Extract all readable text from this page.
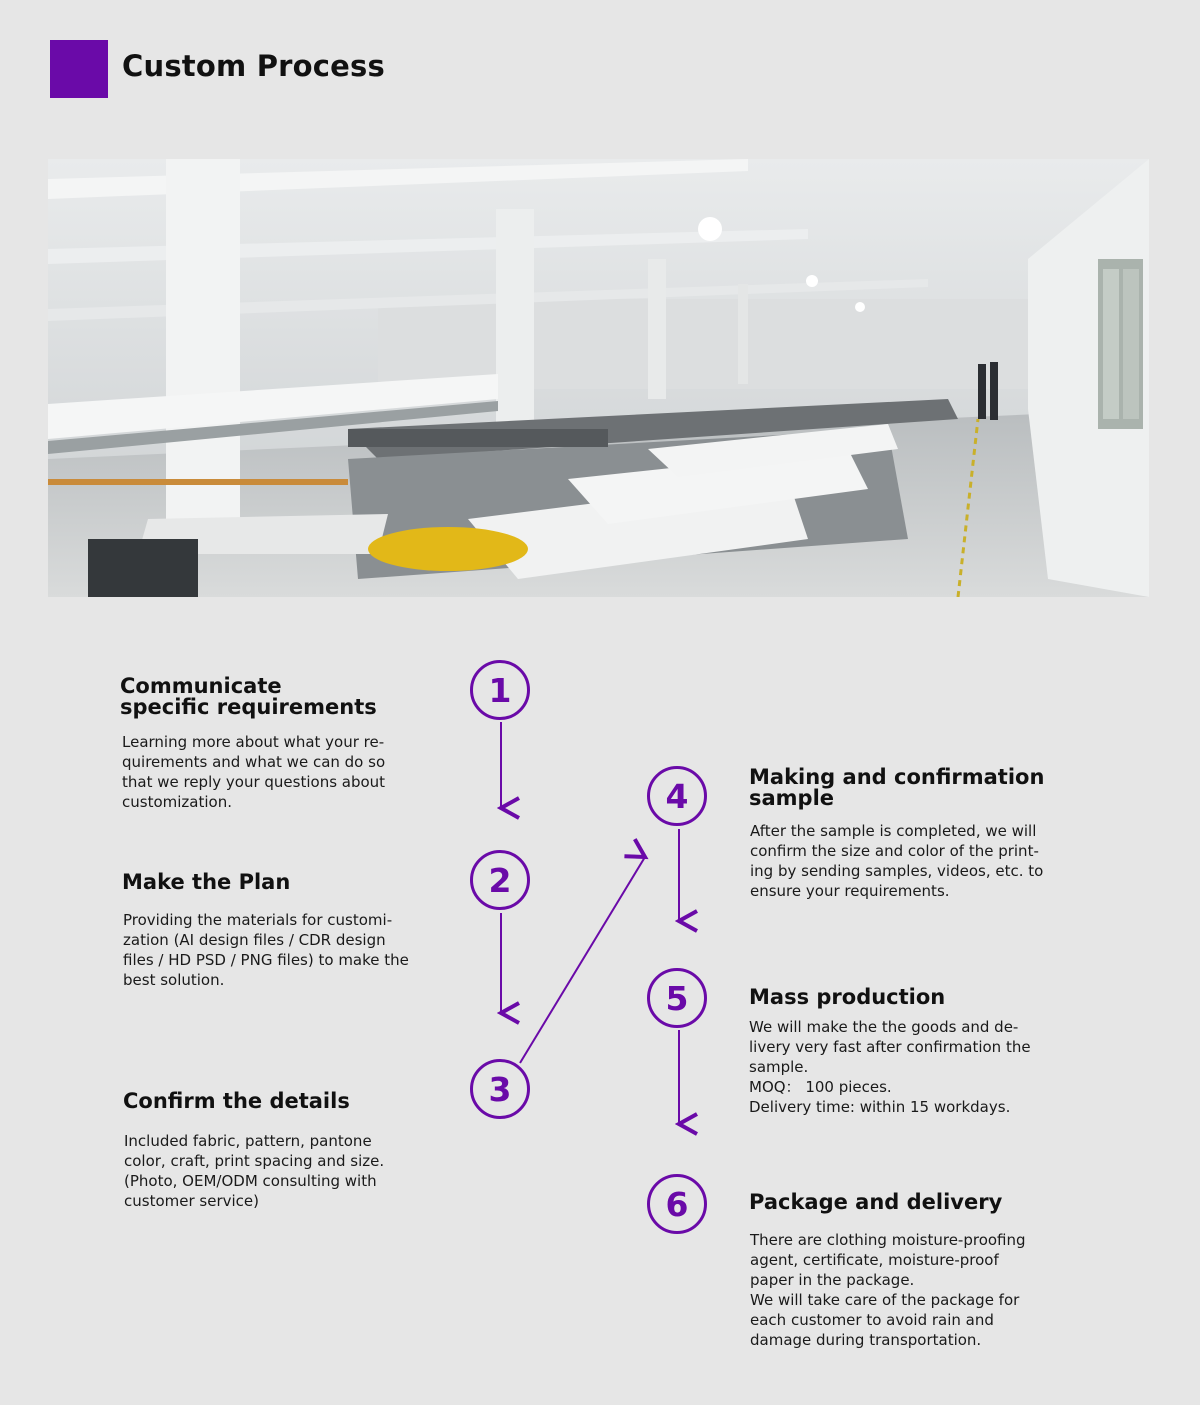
Custom Process
1
Communicate
specific requirements
Learning more about what your re-
quirements and what we can do so
that we reply your questions about
customization.
2
Make the Plan
Providing the materials for customi-
zation (AI design files / CDR design
files / HD PSD / PNG files) to make the
best solution.
3
Confirm the details
Included fabric, pattern, pantone
color, craft, print spacing and size.
(Photo, OEM/ODM consulting with
customer service)
4	Making and confirmation
sample
After the sample is completed, we will
confirm the size and color of the print-
ing by sending samples, videos, etc. to
ensure your requirements.
5	Mass production
We will make the the goods and de-
livery very fast after confirmation the
sample.
MOQ： 100 pieces.
Delivery time: within 15 workdays.
6	Package and delivery
There are clothing moisture-proofing
agent, certificate, moisture-proof
paper in the package.
We will take care of the package for
each customer to avoid rain and
damage during transportation.
